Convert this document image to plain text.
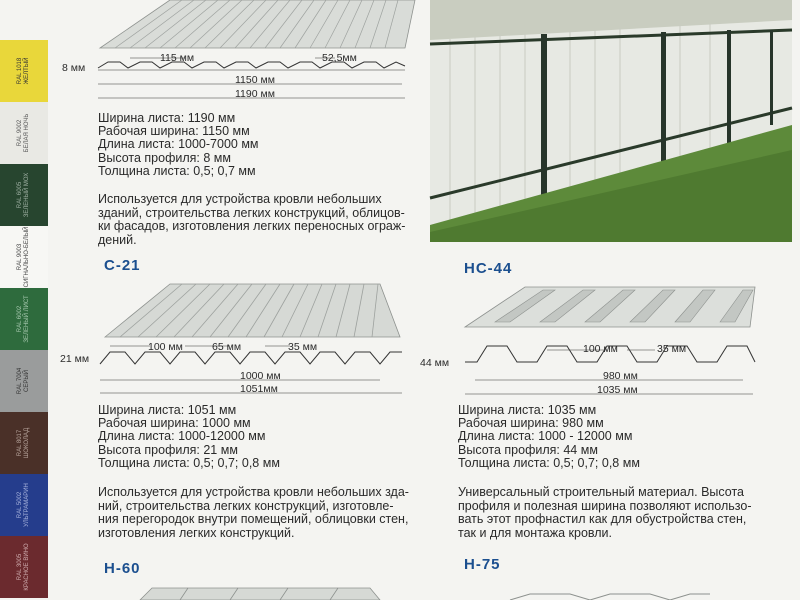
RAL 1018
ЖЕЛТЫЙ
RAL 9002
БЕЛАЯ НОЧЬ
RAL 6005
ЗЕЛЕНЫЙ МОХ
RAL 9003
СИГНАЛЬНО-БЕЛЫЙ
RAL 6002
ЗЕЛЕНЫЙ ЛИСТ
RAL 7004
СЕРЫЙ
RAL 8017
ШОКОЛАД
RAL 5002
УЛЬТРАМАРИН
RAL 3005
КРАСНОЕ ВИНО
115 мм	52,5мм
1150 мм
1190 мм
8 мм

Ширина листа: 1190 мм

Рабочая ширина: 1150 мм

Длина листа: 1000-7000 мм

Высота профиля: 8 мм

Толщина листа: 0,5; 0,7 мм

Используется для устройства кровли небольших

зданий, строительства легких конструкций, облицов-

ки фасадов, изготовления легких переносных ограж-

дений.

С-21
100 мм	65 мм	35 мм
1000 мм
1051мм
21 мм

Ширина листа: 1051 мм

Рабочая ширина: 1000 мм

Длина листа: 1000-12000 мм

Высота профиля: 21 мм

Толщина листа: 0,5; 0,7; 0,8 мм

Используется для устройства кровли небольших зда-

ний, строительства легких конструкций, изготовле-

ния перегородок внутри помещений, облицовки стен,

изготовления легких конструкций.

НС-44
100 мм	35 мм
980 мм
1035 мм
44 мм

Ширина листа: 1035 мм

Рабочая ширина: 980 мм

Длина листа: 1000 - 12000 мм

Высота профиля: 44 мм

Толщина листа: 0,5; 0,7; 0,8 мм

Универсальный строительный материал. Высота

профиля и полезная ширина позволяют использо-

вать этот профнастил как для обустройства стен,

так и для монтажа кровли.

Н-60	Н-75
